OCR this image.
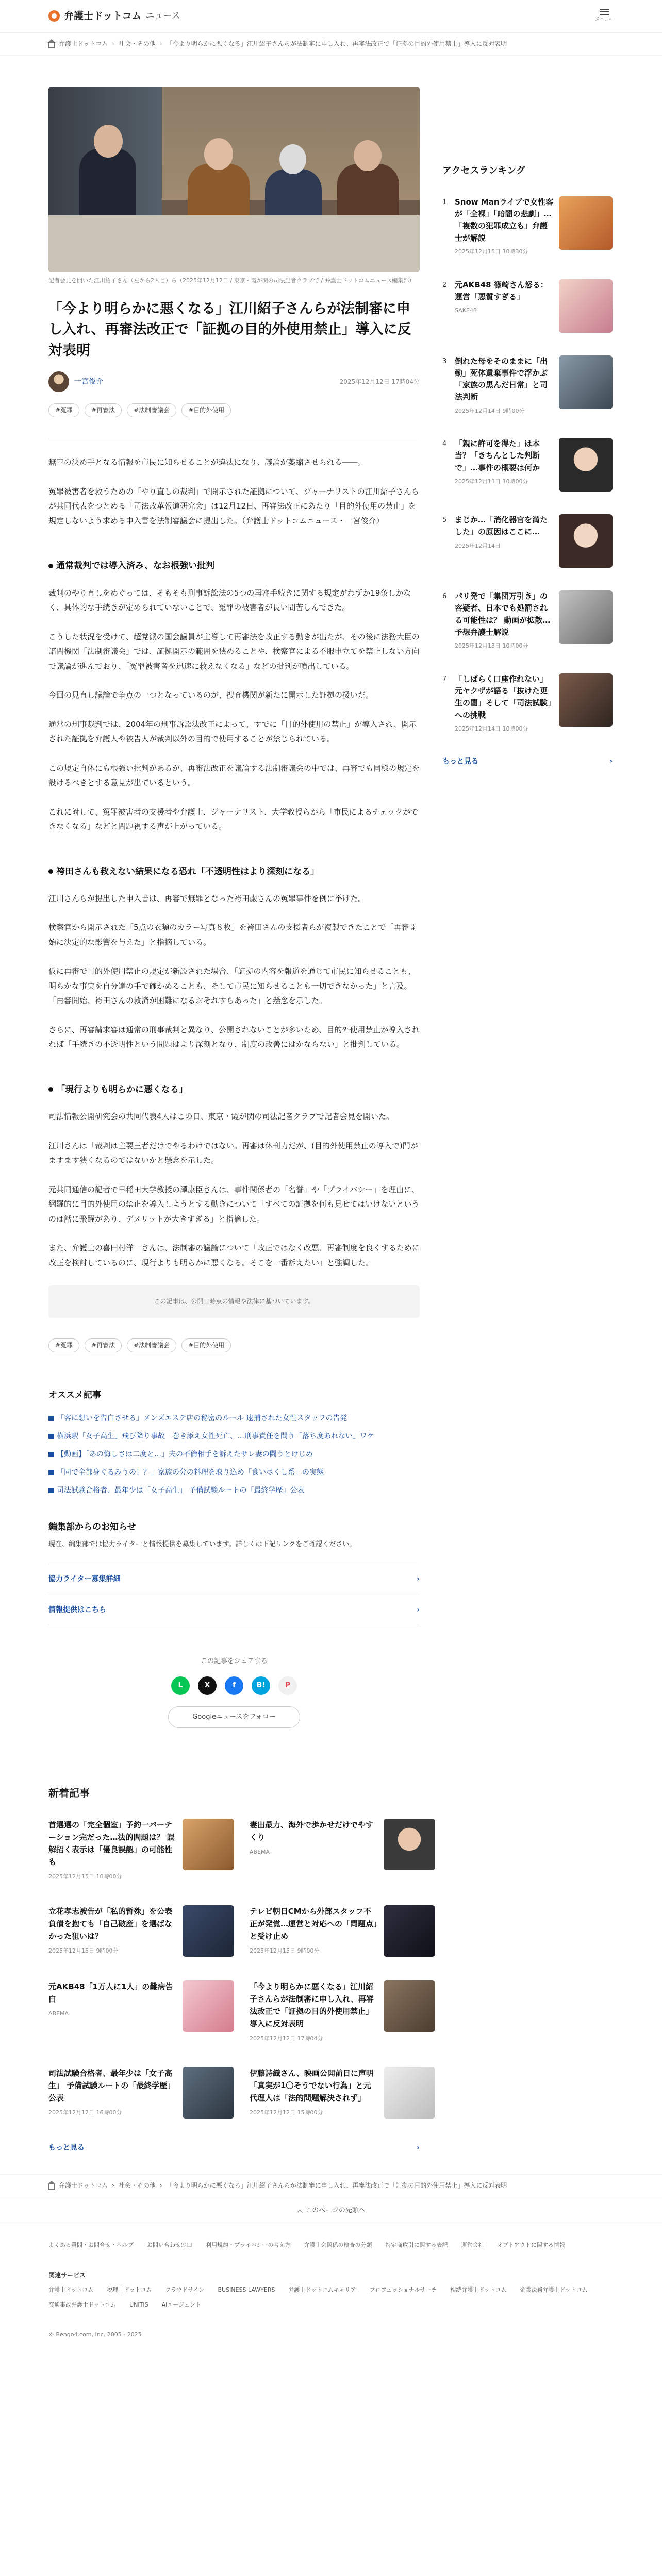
弁護士ドットコム ニュース	メニュー
弁護士ドットコム › 社会・その他 › 「今より明らかに悪くなる」江川紹子さんらが法制審に申し入れ、再審法改正で「証拠の目的外使用禁止」導入に反対表明

記者会見を開いた江川紹子さん（左から2人目）ら（2025年12月12日 / 東京・霞が関の司法記者クラブで / 弁護士ドットコムニュース編集部）

「今より明らかに悪くなる」江川紹子さんらが法制審に申し入れ、再審法改正で「証拠の目的外使用禁止」導入に反対表明
一宮俊介	2025年12月12日 17時04分
#冤罪	#再審法	#法制審議会	#目的外使用

無辜の決め手となる情報を市民に知らせることが違法になり、議論が萎縮させられる――。

冤罪被害者を救うための「やり直しの裁判」で開示された証拠について、ジャーナリストの江川紹子さんらが共同代表をつとめる「司法改革報道研究会」は12月12日、再審法改正にあたり「目的外使用の禁止」を規定しないよう求める申入書を法制審議会に提出した。（弁護士ドットコムニュース・一宮俊介）

通常裁判では導入済み、なお根強い批判

裁判のやり直しをめぐっては、そもそも刑事訴訟法の5つの再審手続きに関する規定がわずか19条しかなく、具体的な手続きが定められていないことで、冤罪の被害者が長い間苦しんできた。

こうした状況を受けて、超党派の国会議員が主導して再審法を改正する動きが出たが、その後に法務大臣の諮問機関「法制審議会」では、証拠開示の範囲を狭めることや、検察官による不服申立てを禁止しない方向で議論が進んでおり、「冤罪被害者を迅速に救えなくなる」などの批判が噴出している。

今回の見直し議論で争点の一つとなっているのが、捜査機関が新たに開示した証拠の扱いだ。

通常の刑事裁判では、2004年の刑事訴訟法改正によって、すでに「目的外使用の禁止」が導入され、開示された証拠を弁護人や被告人が裁判以外の目的で使用することが禁じられている。

この規定自体にも根強い批判があるが、再審法改正を議論する法制審議会の中では、再審でも同様の規定を設けるべきとする意見が出ているという。

これに対して、冤罪被害者の支援者や弁護士、ジャーナリスト、大学教授らから「市民によるチェックができなくなる」などと問題視する声が上がっている。

袴田さんも救えない結果になる恐れ「不透明性はより深刻になる」

江川さんらが提出した申入書は、再審で無罪となった袴田巌さんの冤罪事件を例に挙げた。

検察官から開示された「5点の衣類のカラー写真８枚」を袴田さんの支援者らが複製できたことで「再審開始に決定的な影響を与えた」と指摘している。

仮に再審で目的外使用禁止の規定が新設された場合、「証拠の内容を報道を通じて市民に知らせることも、明らかな事実を自分達の手で確かめることも、そして市民に知らせることも一切できなかった」と言及。「再審開始、袴田さんの救済が困難になるおそれすらあった」と懸念を示した。

さらに、再審請求審は通常の刑事裁判と異なり、公開されないことが多いため、目的外使用禁止が導入されれば「手続きの不透明性という問題はより深刻となり、制度の改善にはかならない」と批判している。

「現行よりも明らかに悪くなる」

司法情報公開研究会の共同代表4人はこの日、東京・霞が関の司法記者クラブで記者会見を開いた。

江川さんは「裁判は主要三者だけでやるわけではない。再審は休刊力だが、(目的外使用禁止の導入で)門がますます狭くなるのではないかと懸念を示した。

元共同通信の記者で早稲田大学教授の澤康臣さんは、事件関係者の「名誉」や「プライバシー」を理由に、網羅的に目的外使用の禁止を導入しようとする動きについて「すべての証拠を何も見せてはいけないというのは話に飛躍があり、デメリットが大きすぎる」と指摘した。

また、弁護士の喜田村洋一さんは、法制審の議論について「改正ではなく改悪、再審制度を良くするために改正を検討しているのに、現行よりも明らかに悪くなる。そこを一番訴えたい」と強調した。

この記事は、公開日時点の情報や法律に基づいています。
#冤罪	#再審法	#法制審議会	#目的外使用
オススメ記事
「客に想いを告白させる」メンズエステ店の秘密のルール 逮捕された女性スタッフの告発
横浜駅「女子高生」飛び降り事故　巻き添え女性死亡、…刑事責任を問う「落ち度あれない」ワケ
【動画】「あの悔しさは二度と…」夫の不倫相手を訴えたサレ妻の闘うとけじめ
「同で全部身ぐるみうの！？」家族の分の料理を取り込め「食い尽くし系」の実態
司法試験合格者、最年少は「女子高生」 予備試験ルートの「最終学歴」公表
編集部からのお知らせ

現在、編集部では協力ライターと情報提供を募集しています。詳しくは下記リンクをご確認ください。

協力ライター募集詳細	›
情報提供はこちら	›

この記事をシェアする

L	X	f	B!	P
Googleニュースをフォロー
アクセスランキング
1	Snow Manライブで女性客が「全裸」「暗闇の悲劇」…「複数の犯罪成立も」弁護士が解説
2025年12月15日 10時30分
2	元AKB48 篠崎さん怒る：運営「悪質すぎる」
SAKE48
3	倒れた母をそのままに「出勤」死体遺棄事件で浮かぶ「家族の黒んだ日常」と司法判断
2025年12月14日 9時00分
4	「親に許可を得た」は本当？「きちんとした判断で」…事件の概要は何か
2025年12月13日 10時00分
5	まじか…「消化器官を満たした」の原因はここに…
2025年12月14日
6	パリ発で「集団万引き」の容疑者、日本でも処罰される可能性は？ 動画が拡散…予想弁護士解説
2025年12月13日 10時00分
7	「しばらく口座作れない」元ヤクザが語る「抜けた更生の闇」そして「司法試験」への挑戦
2025年12月14日 10時00分
もっと見る	›
新着記事
首選選の「完全個室」予約一バーテーション完だった…法的問題は？ 誤解招く表示は「優良誤認」の可能性も
2025年12月15日 10時00分
妻出最力、海外で歩かせだけでやすくり
ABEMA
立花孝志被告が「私的暫殊」を公表　負債を抱ても「自己破産」を選ばなかった狙いは？
2025年12月15日 9時00分
テレビ朝日CMから外部スタッフ不正が発覚…運営と対応への「問題点」と受け止め
2025年12月15日 9時00分
元AKB48「1万人に1人」の難病告白
ABEMA
「今より明らかに悪くなる」江川紹子さんらが法制審に申し入れ、再審法改正で「証拠の目的外使用禁止」導入に反対表明
2025年12月12日 17時04分
司法試験合格者、最年少は「女子高生」 予備試験ルートの「最終学歴」公表
2025年12月12日 16時00分
伊藤詩織さん、映画公開前日に声明「真実が1〇そうでない行為」と元代理人は「法的問題解決されず」
2025年12月12日 15時00分
もっと見る	›
弁護士ドットコム › 社会・その他 › 「今より明らかに悪くなる」江川紹子さんらが法制審に申し入れ、再審法改正で「証拠の目的外使用禁止」導入に反対表明
︿ このページの先頭へ
よくある質問・お問合せ・ヘルプ お問い合わせ窓口 利用規約・プライバシーの考え方 弁護士会関係の検査の分類 特定商取引に関する表記 運営会社 オプトアウトに関する情報
関連サービス
弁護士ドットコム 税理士ドットコム クラウドサイン BUSINESS LAWYERS 弁護士ドットコムキャリア プロフェッショナルサーチ 相続弁護士ドットコム 企業法務弁護士ドットコム
交通事故弁護士ドットコム UNITIS AIエージェント

© Bengo4.com, Inc. 2005 - 2025
